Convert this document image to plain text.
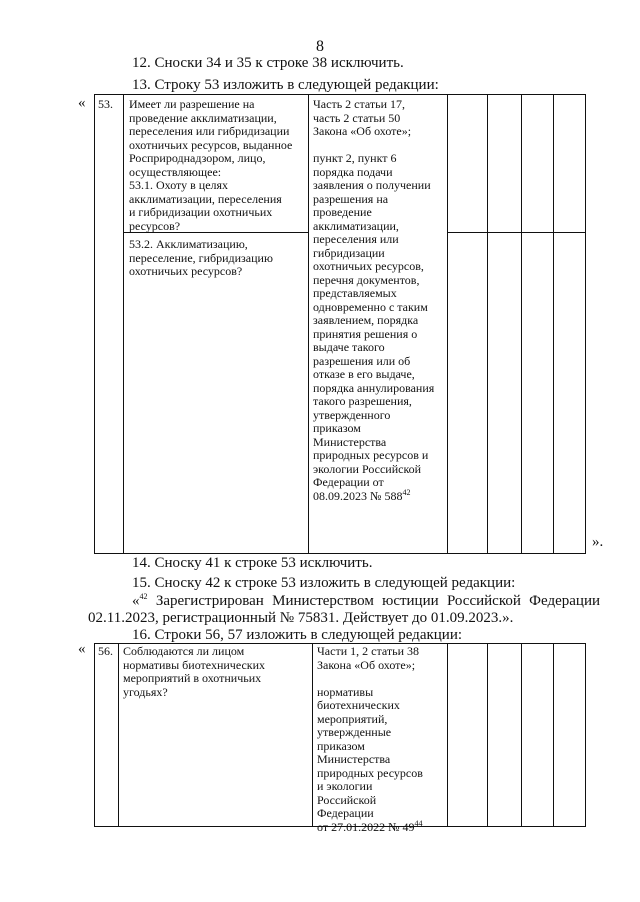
8
12. Сноски 34 и 35 к строке 38 исключить.
13. Строку 53 изложить в следующей редакции:
« 53. Имеет ли разрешение на
проведение акклиматизации,
переселения или гибридизации
охотничьих ресурсов, выданное
Росприроднадзором, лицо,
осуществляющее:
53.1. Охоту в целях
акклиматизации, переселения
и гибридизации охотничьих
ресурсов?
53.2. Акклиматизацию,
переселение, гибридизацию
охотничьих ресурсов?
Часть 2 статьи 17,
часть 2 статьи 50
Закона «Об охоте»;

пункт 2, пункт 6
порядка подачи
заявления о получении
разрешения на
проведение
акклиматизации,
переселения или
гибридизации
охотничьих ресурсов,
перечня документов,
представляемых
одновременно с таким
заявлением, порядка
принятия решения о
выдаче такого
разрешения или об
отказе в его выдаче,
порядка аннулирования
такого разрешения,
утвержденного
приказом
Министерства
природных ресурсов и
экологии Российской
Федерации от
08.09.2023 № $588^{42}$
».
14. Сноску 41 к строке 53 исключить.
15. Сноску 42 к строке 53 изложить в следующей редакции:
«$^{42}$ Зарегистрирован Министерством юстиции Российской Федерации
02.11.2023, регистрационный № 75831. Действует до 01.09.2023.».
16. Строки 56, 57 изложить в следующей редакции:
« 56. Соблюдаются ли лицом
нормативы биотехнических
мероприятий в охотничьих
угодьях?
Части 1, 2 статьи 38
Закона «Об охоте»;

нормативы
биотехнических
мероприятий,
утвержденные
приказом
Министерства
природных ресурсов
и экологии
Российской
Федерации
от 27.01.2022 № $49^{44}$
